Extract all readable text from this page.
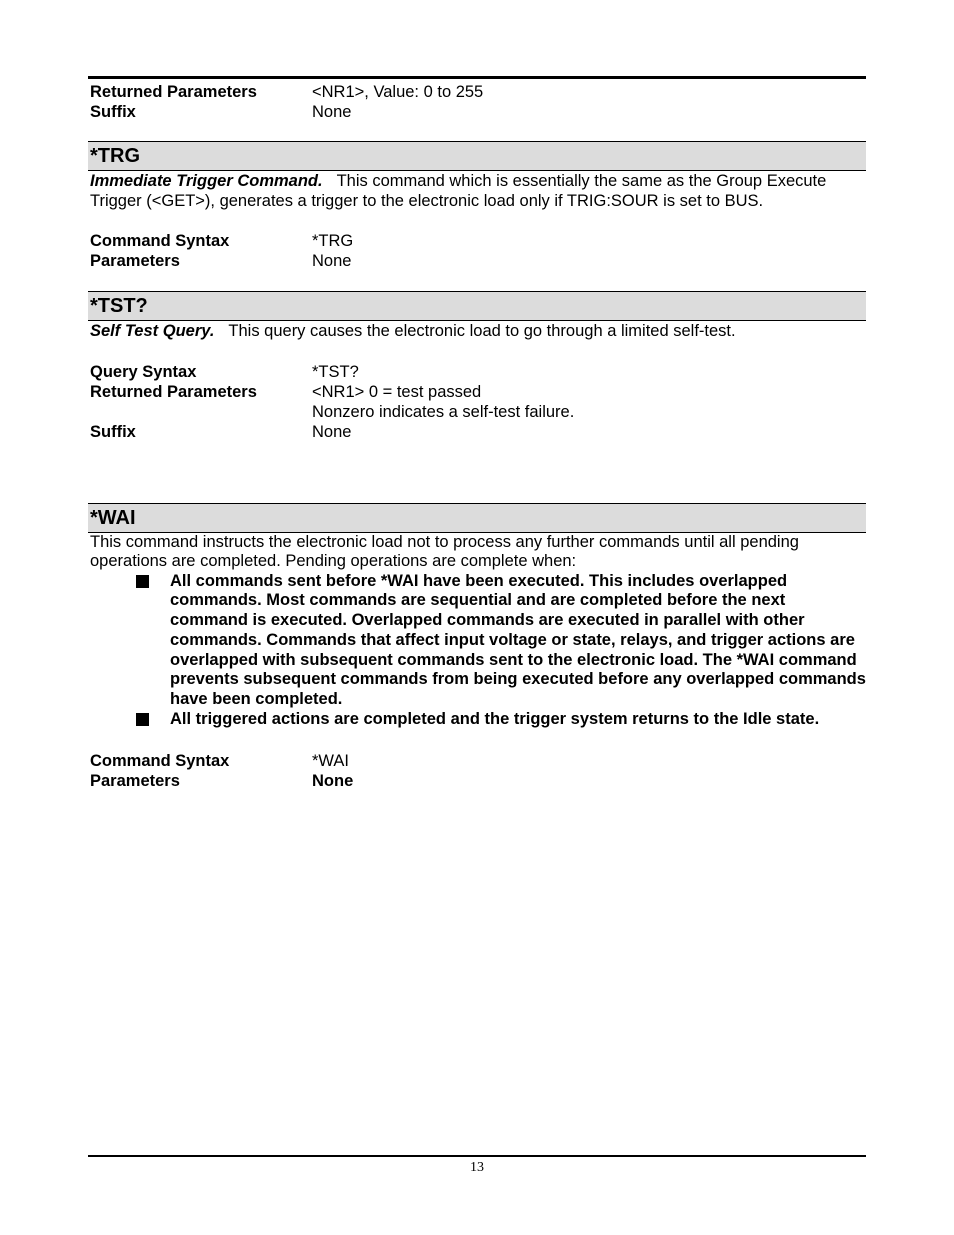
Returned Parameters	<NR1>, Value: 0 to 255
Suffix	None
*TRG
Immediate Trigger Command. This command which is essentially the same as the Group Execute Trigger (<GET>), generates a trigger to the electronic load only if TRIG:SOUR is set to BUS.
Command Syntax	*TRG
Parameters	None
*TST?
Self Test Query. This query causes the electronic load to go through a limited self-test.
Query Syntax	*TST?
Returned Parameters	<NR1> 0 = test passed
Nonzero indicates a self-test failure.
Suffix	None
*WAI
This command instructs the electronic load not to process any further commands until all pending operations are completed. Pending operations are complete when:
All commands sent before *WAI have been executed. This includes overlapped commands. Most commands are sequential and are completed before the next command is executed. Overlapped commands are executed in parallel with other commands. Commands that affect input voltage or state, relays, and trigger actions are overlapped with subsequent commands sent to the electronic load. The *WAI command prevents subsequent commands from being executed before any overlapped commands have been completed.
All triggered actions are completed and the trigger system returns to the Idle state.
Command Syntax	*WAI
Parameters	None
13
